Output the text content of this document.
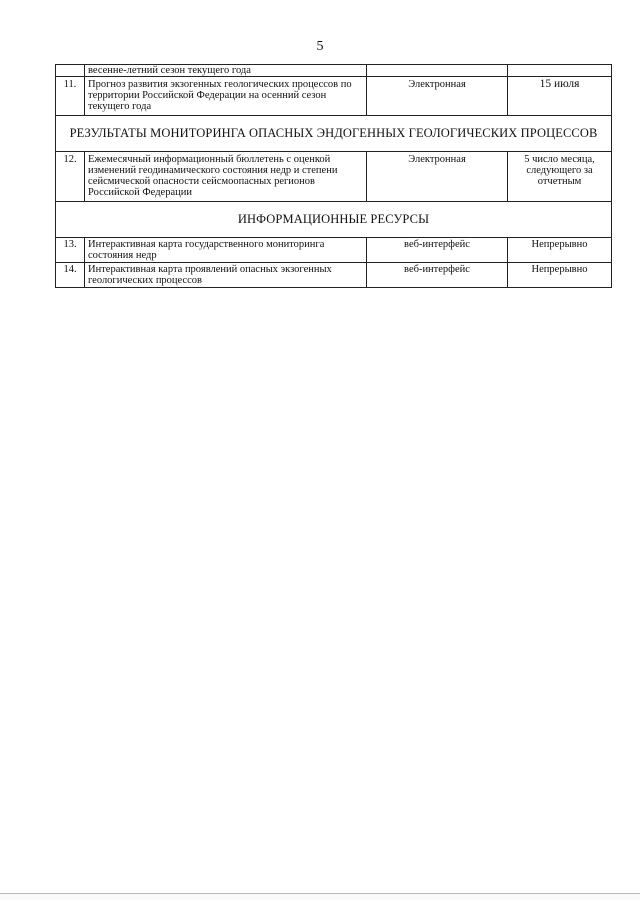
5
	весенне-летний сезон текущего года		
11.	Прогноз развития экзогенных геологических процессов по территории Российской Федерации на осенний сезон текущего года	Электронная	15 июля
РЕЗУЛЬТАТЫ МОНИТОРИНГА ОПАСНЫХ ЭНДОГЕННЫХ ГЕОЛОГИЧЕСКИХ ПРОЦЕССОВ			
12.	Ежемесячный информационный бюллетень с оценкой изменений геодинамического состояния недр и степени сейсмической опасности сейсмоопасных регионов Российской Федерации	Электронная	5 число месяца, следующего за отчетным
ИНФОРМАЦИОННЫЕ РЕСУРСЫ			
13.	Интерактивная карта государственного мониторинга состояния недр	веб-интерфейс	Непрерывно
14.	Интерактивная карта проявлений опасных экзогенных геологических процессов	веб-интерфейс	Непрерывно
